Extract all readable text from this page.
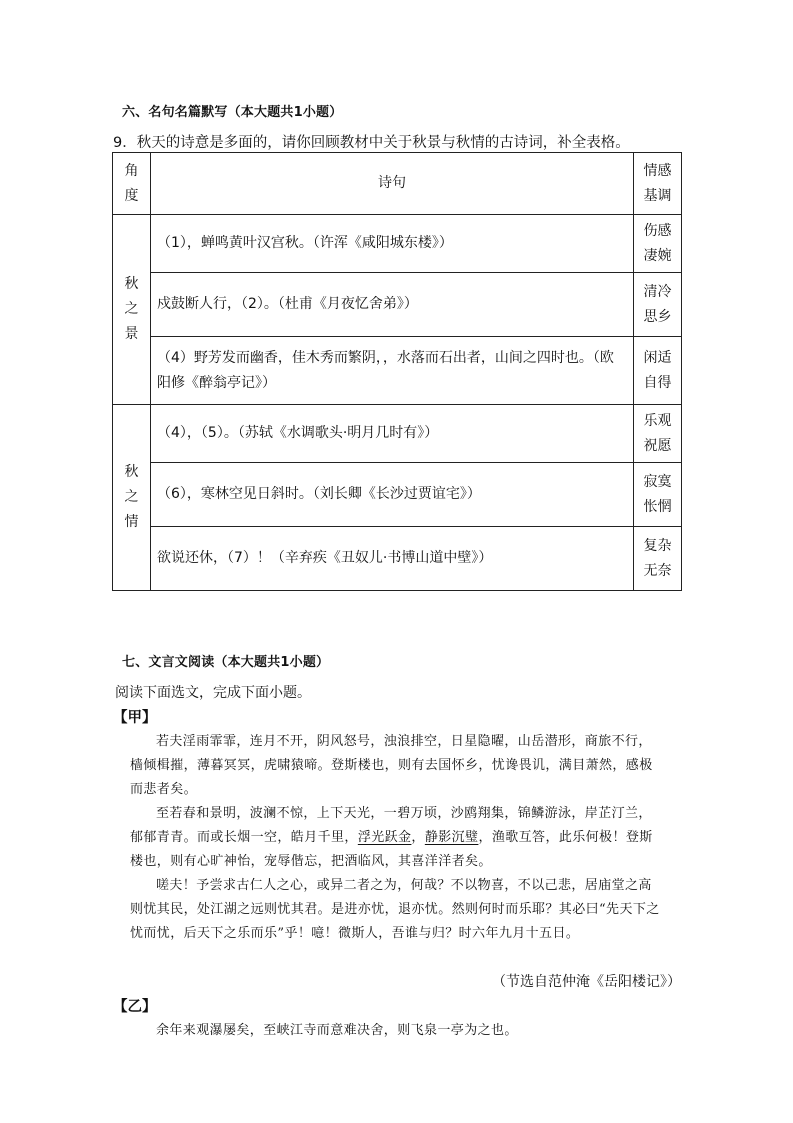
六、名句名篇默写（本大题共1小题）
9．秋天的诗意是多面的，请你回顾教材中关于秋景与秋情的古诗词，补全表格。
角度	诗句	情感基调
秋之景	（1），蝉鸣黄叶汉宫秋。（许浑《咸阳城东楼》）	伤感凄婉
	戍鼓断人行，（2）。（杜甫《月夜忆舍弟》）	清冷思乡
	（4）野芳发而幽香，佳木秀而繁阴，，水落而石出者，山间之四时也。（欧阳修《醉翁亭记》）	闲适自得
秋之情	（4），（5）。（苏轼《水调歌头·明月几时有》）	乐观祝愿
	（6），寒林空见日斜时。（刘长卿《长沙过贾谊宅》）	寂寞怅惘
	欲说还休，（7）！（辛弃疾《丑奴儿·书博山道中壁》）	复杂无奈
七、文言文阅读（本大题共1小题）
阅读下面选文，完成下面小题。
【甲】

若夫淫雨霏霏，连月不开，阴风怒号，浊浪排空，日星隐曜，山岳潜形，商旅不行，樯倾楫摧，薄暮冥冥，虎啸猿啼。登斯楼也，则有去国怀乡，忧谗畏讥，满目萧然，感极而悲者矣。

至若春和景明，波澜不惊，上下天光，一碧万顷，沙鸥翔集，锦鳞游泳，岸芷汀兰，郁郁青青。而或长烟一空，皓月千里，浮光跃金，静影沉璧，渔歌互答，此乐何极！登斯楼也，则有心旷神怡，宠辱偕忘，把酒临风，其喜洋洋者矣。

嗟夫！予尝求古仁人之心，或异二者之为，何哉？不以物喜，不以己悲，居庙堂之高则忧其民，处江湖之远则忧其君。是进亦忧，退亦忧。然则何时而乐耶？其必曰“先天下之忧而忧，后天下之乐而乐”乎！噫！微斯人，吾谁与归？时六年九月十五日。

（节选自范仲淹《岳阳楼记》）
【乙】

余年来观瀑屡矣，至峡江寺而意难决舍，则飞泉一亭为之也。
